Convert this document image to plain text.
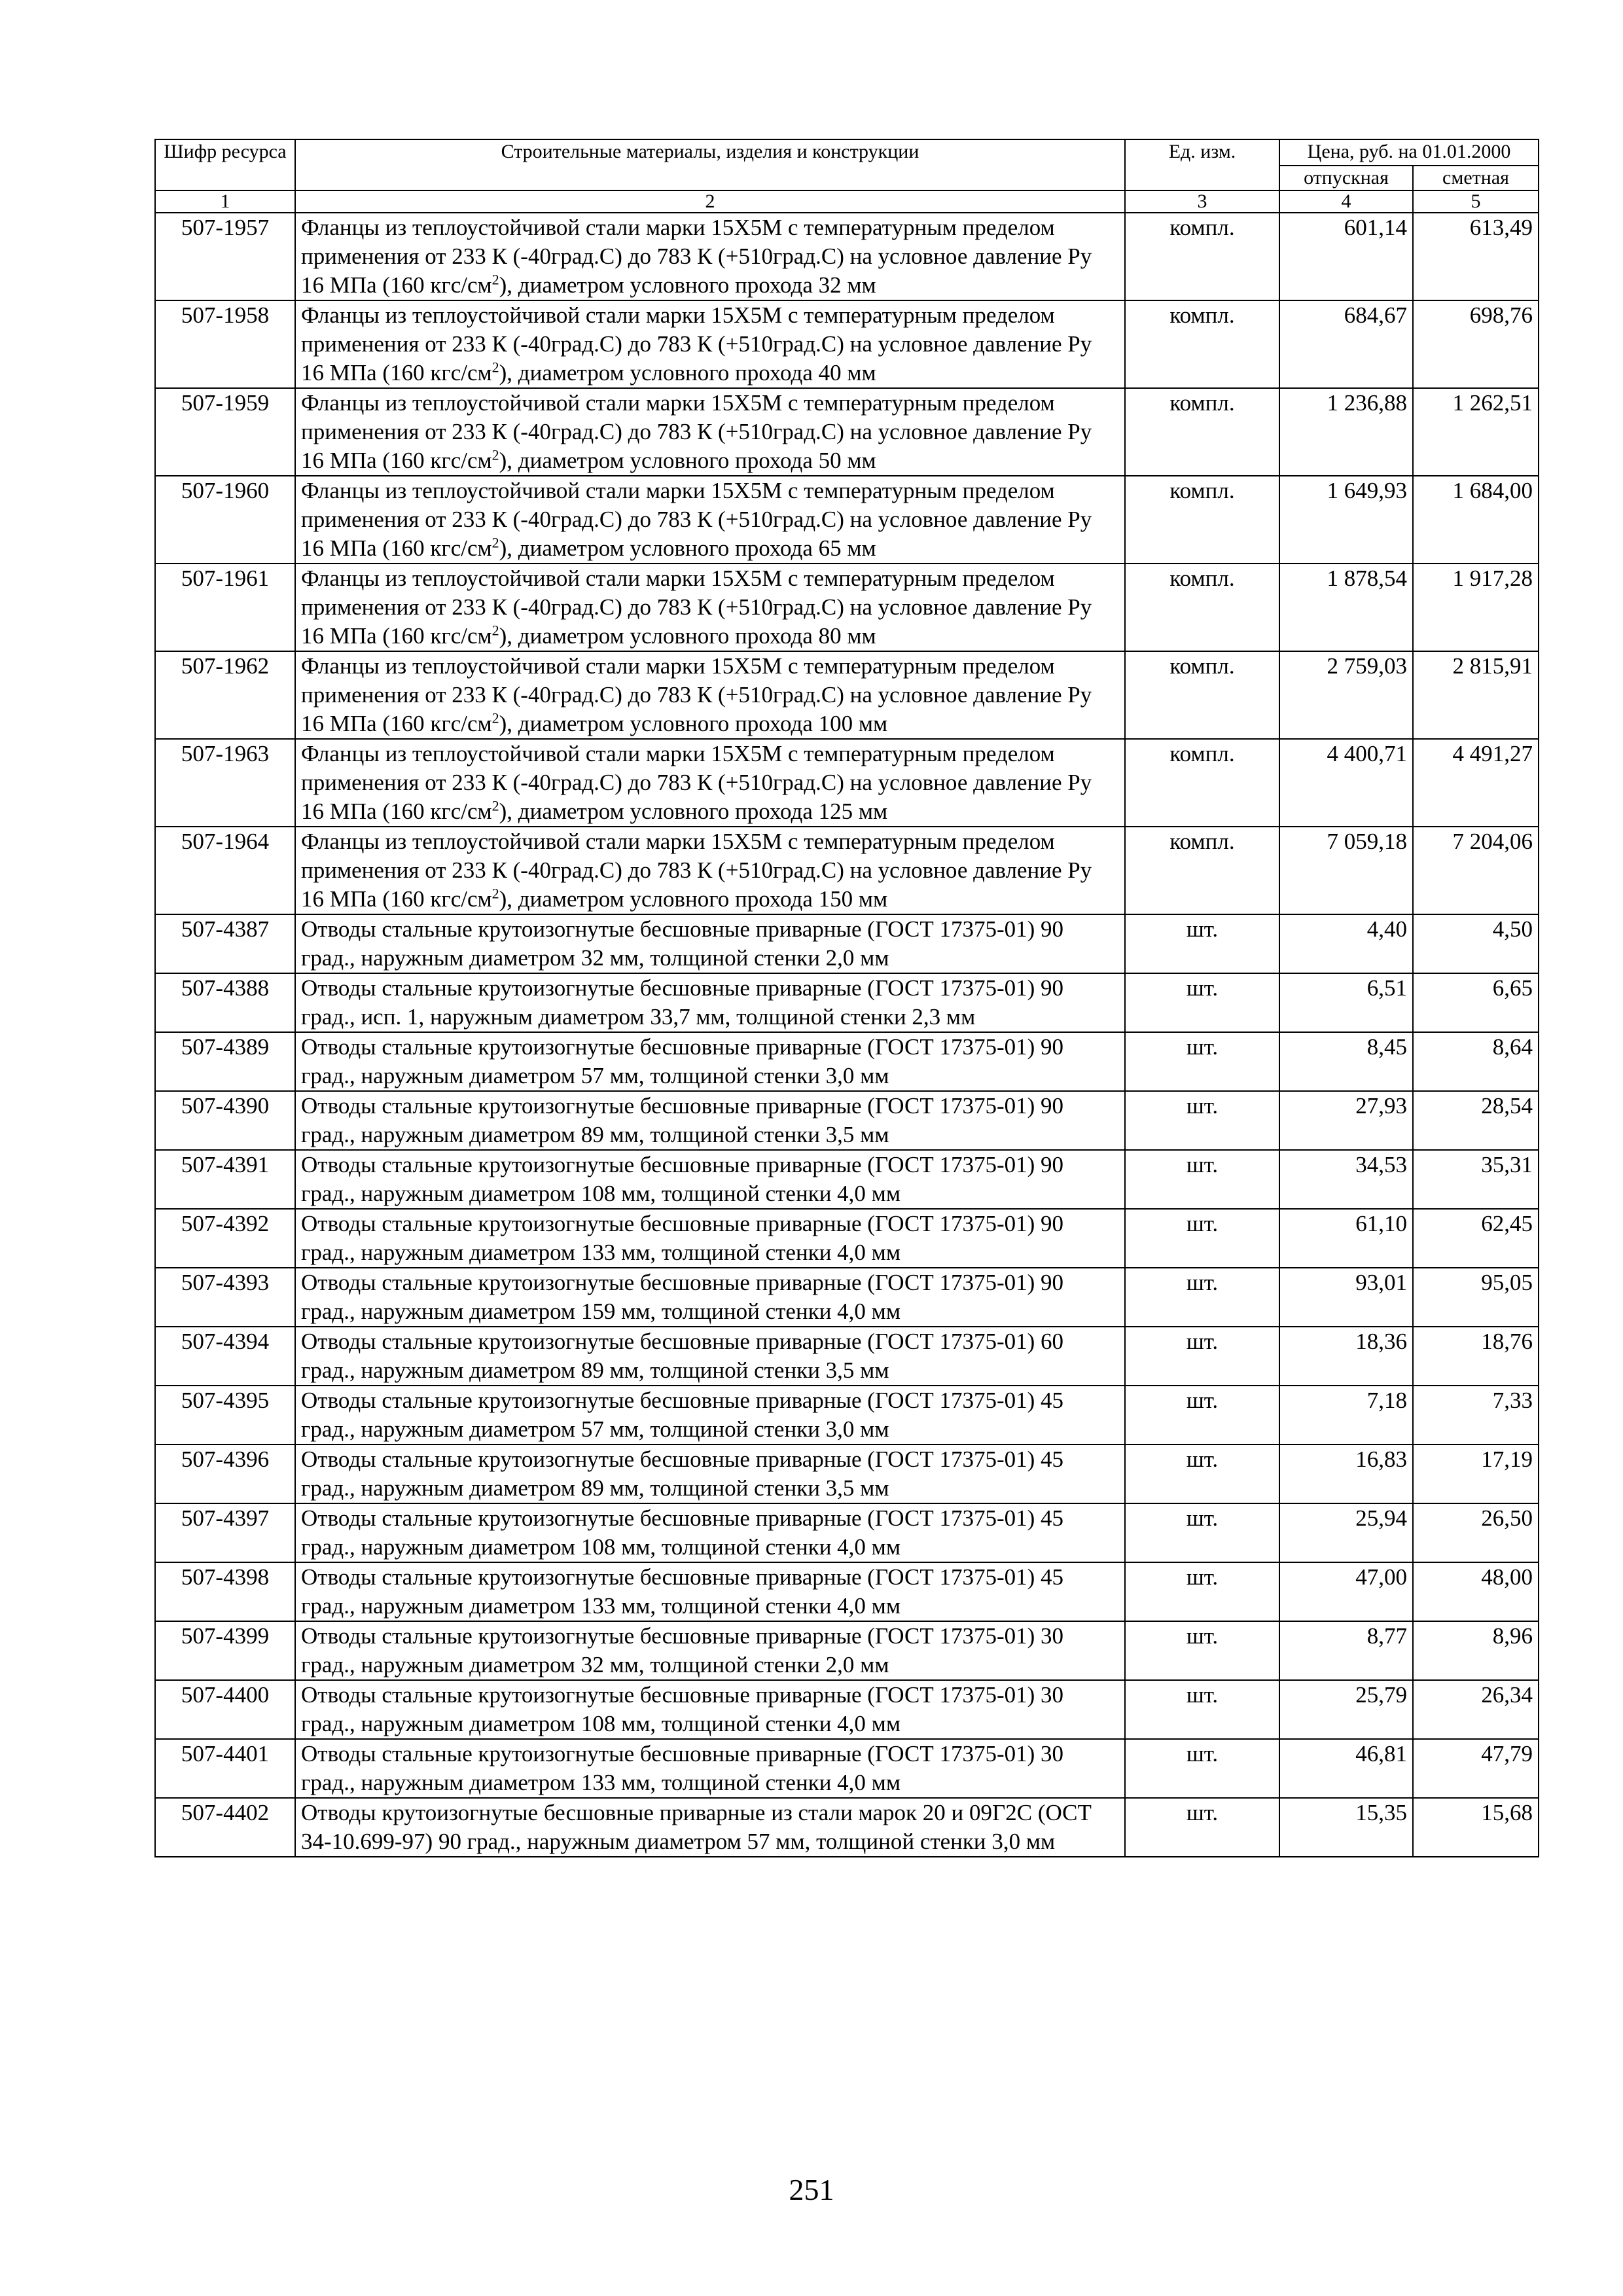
Шифр ресурса	Строительные материалы, изделия и конструкции	Ед. изм.	Цена, руб. на 01.01.2000	
			отпускная	сметная
1	2	3	4	5
507-1957	Фланцы из теплоустойчивой стали марки 15Х5М с температурным пределом применения от 233 К (-40град.С) до 783 К (+510град.С) на условное давление Ру 16 МПа (160 кгс/$см^2$), диаметром условного прохода 32 мм	компл.	601,14	613,49
507-1958	Фланцы из теплоустойчивой стали марки 15Х5М с температурным пределом применения от 233 К (-40град.С) до 783 К (+510град.С) на условное давление Ру 16 МПа (160 кгс/$см^2$), диаметром условного прохода 40 мм	компл.	684,67	698,76
507-1959	Фланцы из теплоустойчивой стали марки 15Х5М с температурным пределом применения от 233 К (-40град.С) до 783 К (+510град.С) на условное давление Ру 16 МПа (160 кгс/$см^2$), диаметром условного прохода 50 мм	компл.	1 236,88	1 262,51
507-1960	Фланцы из теплоустойчивой стали марки 15Х5М с температурным пределом применения от 233 К (-40град.С) до 783 К (+510град.С) на условное давление Ру 16 МПа (160 кгс/$см^2$), диаметром условного прохода 65 мм	компл.	1 649,93	1 684,00
507-1961	Фланцы из теплоустойчивой стали марки 15Х5М с температурным пределом применения от 233 К (-40град.С) до 783 К (+510град.С) на условное давление Ру 16 МПа (160 кгс/$см^2$), диаметром условного прохода 80 мм	компл.	1 878,54	1 917,28
507-1962	Фланцы из теплоустойчивой стали марки 15Х5М с температурным пределом применения от 233 К (-40град.С) до 783 К (+510град.С) на условное давление Ру 16 МПа (160 кгс/$см^2$), диаметром условного прохода 100 мм	компл.	2 759,03	2 815,91
507-1963	Фланцы из теплоустойчивой стали марки 15Х5М с температурным пределом применения от 233 К (-40град.С) до 783 К (+510град.С) на условное давление Ру 16 МПа (160 кгс/$см^2$), диаметром условного прохода 125 мм	компл.	4 400,71	4 491,27
507-1964	Фланцы из теплоустойчивой стали марки 15Х5М с температурным пределом применения от 233 К (-40град.С) до 783 К (+510град.С) на условное давление Ру 16 МПа (160 кгс/$см^2$), диаметром условного прохода 150 мм	компл.	7 059,18	7 204,06
507-4387	Отводы стальные крутоизогнутые бесшовные приварные (ГОСТ 17375-01) 90 град., наружным диаметром 32 мм, толщиной стенки 2,0 мм	шт.	4,40	4,50
507-4388	Отводы стальные крутоизогнутые бесшовные приварные (ГОСТ 17375-01) 90 град., исп. 1, наружным диаметром 33,7 мм, толщиной стенки 2,3 мм	шт.	6,51	6,65
507-4389	Отводы стальные крутоизогнутые бесшовные приварные (ГОСТ 17375-01) 90 град., наружным диаметром 57 мм, толщиной стенки 3,0 мм	шт.	8,45	8,64
507-4390	Отводы стальные крутоизогнутые бесшовные приварные (ГОСТ 17375-01) 90 град., наружным диаметром 89 мм, толщиной стенки 3,5 мм	шт.	27,93	28,54
507-4391	Отводы стальные крутоизогнутые бесшовные приварные (ГОСТ 17375-01) 90 град., наружным диаметром 108 мм, толщиной стенки 4,0 мм	шт.	34,53	35,31
507-4392	Отводы стальные крутоизогнутые бесшовные приварные (ГОСТ 17375-01) 90 град., наружным диаметром 133 мм, толщиной стенки 4,0 мм	шт.	61,10	62,45
507-4393	Отводы стальные крутоизогнутые бесшовные приварные (ГОСТ 17375-01) 90 град., наружным диаметром 159 мм, толщиной стенки 4,0 мм	шт.	93,01	95,05
507-4394	Отводы стальные крутоизогнутые бесшовные приварные (ГОСТ 17375-01) 60 град., наружным диаметром 89 мм, толщиной стенки 3,5 мм	шт.	18,36	18,76
507-4395	Отводы стальные крутоизогнутые бесшовные приварные (ГОСТ 17375-01) 45 град., наружным диаметром 57 мм, толщиной стенки 3,0 мм	шт.	7,18	7,33
507-4396	Отводы стальные крутоизогнутые бесшовные приварные (ГОСТ 17375-01) 45 град., наружным диаметром 89 мм, толщиной стенки 3,5 мм	шт.	16,83	17,19
507-4397	Отводы стальные крутоизогнутые бесшовные приварные (ГОСТ 17375-01) 45 град., наружным диаметром 108 мм, толщиной стенки 4,0 мм	шт.	25,94	26,50
507-4398	Отводы стальные крутоизогнутые бесшовные приварные (ГОСТ 17375-01) 45 град., наружным диаметром 133 мм, толщиной стенки 4,0 мм	шт.	47,00	48,00
507-4399	Отводы стальные крутоизогнутые бесшовные приварные (ГОСТ 17375-01) 30 град., наружным диаметром 32 мм, толщиной стенки 2,0 мм	шт.	8,77	8,96
507-4400	Отводы стальные крутоизогнутые бесшовные приварные (ГОСТ 17375-01) 30 град., наружным диаметром 108 мм, толщиной стенки 4,0 мм	шт.	25,79	26,34
507-4401	Отводы стальные крутоизогнутые бесшовные приварные (ГОСТ 17375-01) 30 град., наружным диаметром 133 мм, толщиной стенки 4,0 мм	шт.	46,81	47,79
507-4402	Отводы крутоизогнутые бесшовные приварные из стали марок 20 и 09Г2С (ОСТ 34-10.699-97) 90 град., наружным диаметром 57 мм, толщиной стенки 3,0 мм	шт.	15,35	15,68
251
